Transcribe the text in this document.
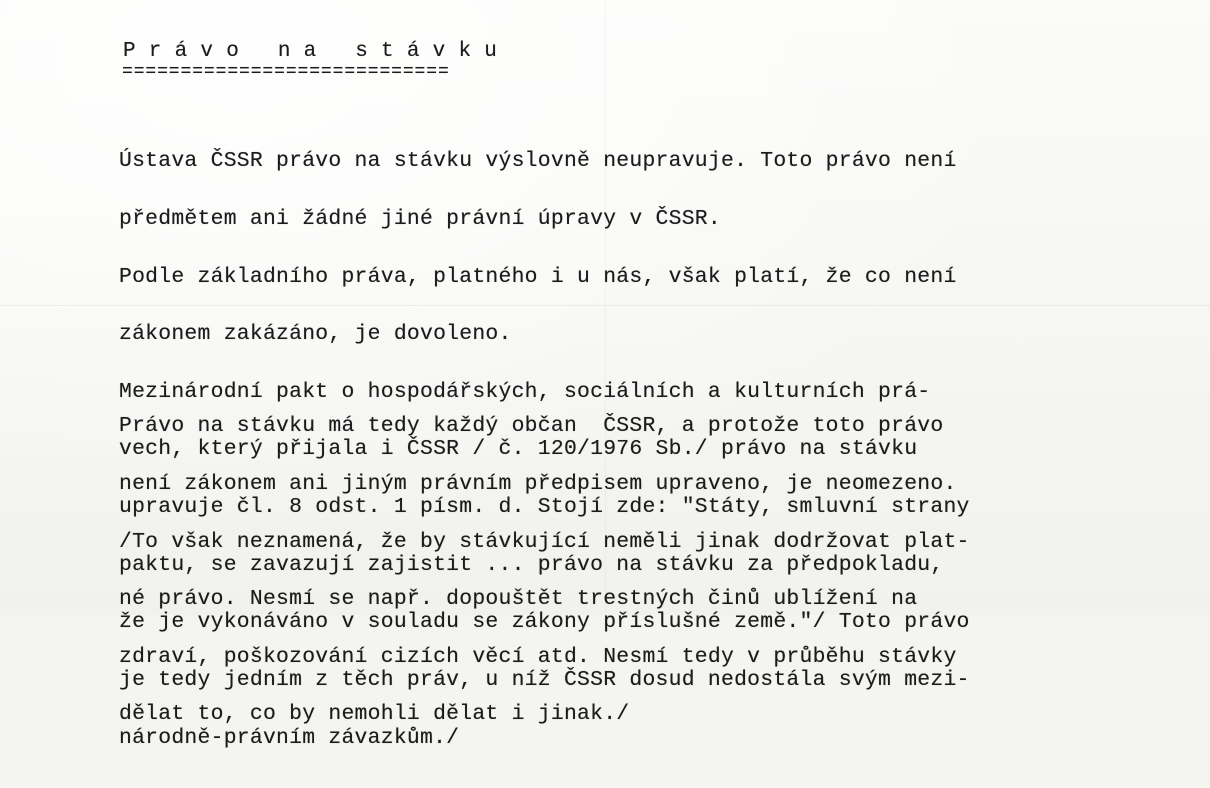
P r á v o   n a   s t á v k u
============================

Ústava ČSSR právo na stávku výslovně neupravuje. Toto právo není

předmětem ani žádné jiné právní úpravy v ČSSR.

Podle základního práva, platného i u nás, však platí, že co není

zákonem zakázáno, je dovoleno.

Mezinárodní pakt o hospodářských, sociálních a kulturních prá-

vech, který přijala i ČSSR / č. 120/1976 Sb./ právo na stávku

upravuje čl. 8 odst. 1 písm. d. Stojí zde: "Státy, smluvní strany

paktu, se zavazují zajistit ... právo na stávku za předpokladu,

že je vykonáváno v souladu se zákony příslušné země."/ Toto právo

je tedy jedním z těch práv, u níž ČSSR dosud nedostála svým mezi-

národně-právním závazkům./

Právo na stávku má tedy každý občan  ČSSR, a protože toto právo

není zákonem ani jiným právním předpisem upraveno, je neomezeno.

/To však neznamená, že by stávkující neměli jinak dodržovat plat-

né právo. Nesmí se např. dopouštět trestných činů ublížení na

zdraví, poškozování cizích věcí atd. Nesmí tedy v průběhu stávky

dělat to, co by nemohli dělat i jinak./
